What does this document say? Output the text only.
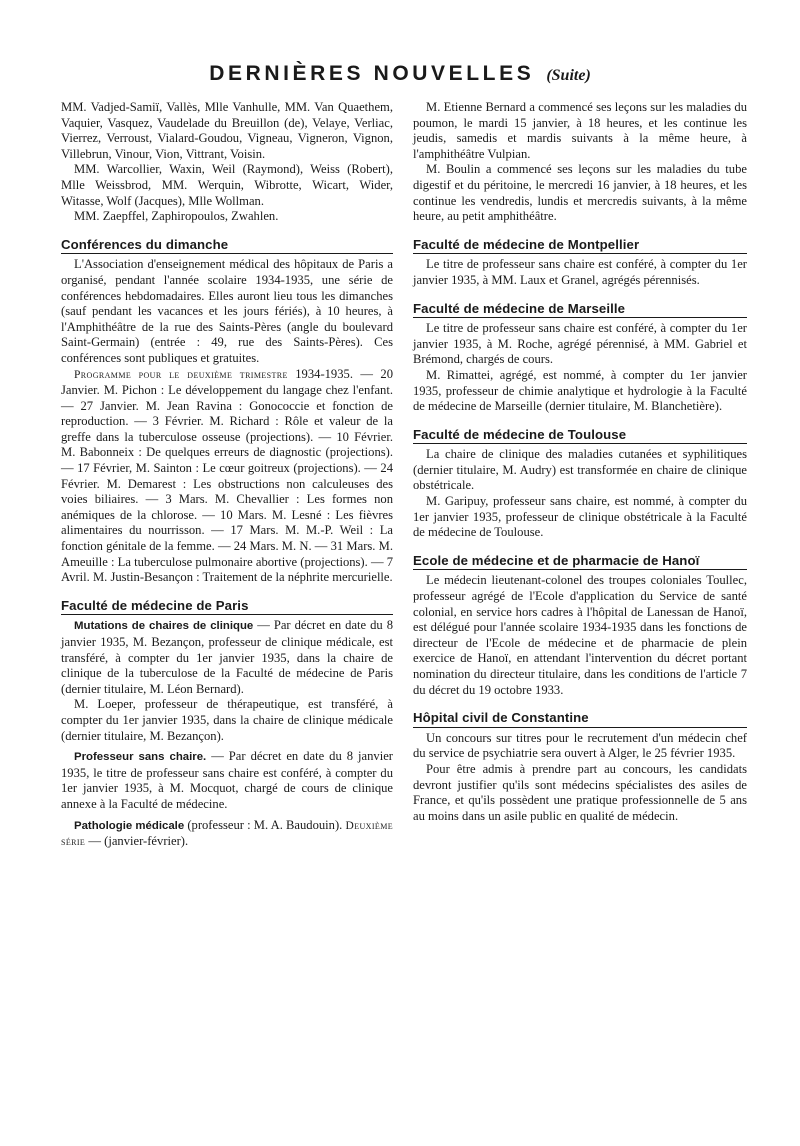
DERNIÈRES NOUVELLES (Suite)

MM. Vadjed-Samiï, Vallès, Mlle Vanhulle, MM. Van Quaethem, Vaquier, Vasquez, Vaudelade du Breuillon (de), Velaye, Verliac, Vierrez, Verroust, Vialard-Goudou, Vigneau, Vigneron, Vignon, Villebrun, Vinour, Vion, Vittrant, Voisin.

MM. Warcollier, Waxin, Weil (Raymond), Weiss (Robert), Mlle Weissbrod, MM. Werquin, Wibrotte, Wicart, Wider, Witasse, Wolf (Jacques), Mlle Wollman.

MM. Zaepffel, Zaphiropoulos, Zwahlen.

Conférences du dimanche

L'Association d'enseignement médical des hôpitaux de Paris a organisé, pendant l'année scolaire 1934-1935, une série de conférences hebdomadaires. Elles auront lieu tous les dimanches (sauf pendant les vacances et les jours fériés), à 10 heures, à l'Amphithéâtre de la rue des Saints-Pères (angle du boulevard Saint-Germain) (entrée : 49, rue des Saints-Pères). Ces conférences sont publiques et gratuites.

Programme pour le deuxième trimestre 1934-1935. — 20 Janvier. M. Pichon : Le développement du langage chez l'enfant. — 27 Janvier. M. Jean Ravina : Gonococcie et fonction de reproduction. — 3 Février. M. Richard : Rôle et valeur de la greffe dans la tuberculose osseuse (projections). — 10 Février. M. Babonneix : De quelques erreurs de diagnostic (projections). — 17 Février, M. Sainton : Le cœur goitreux (projections). — 24 Février. M. Demarest : Les obstructions non calculeuses des voies biliaires. — 3 Mars. M. Chevallier : Les formes non anémiques de la chlorose. — 10 Mars. M. Lesné : Les fièvres alimentaires du nourrisson. — 17 Mars. M. M.-P. Weil : La fonction génitale de la femme. — 24 Mars. M. N. — 31 Mars. M. Ameuille : La tuberculose pulmonaire abortive (projections). — 7 Avril. M. Justin-Besançon : Traitement de la néphrite mercurielle.

Faculté de médecine de Paris

Mutations de chaires de clinique — Par décret en date du 8 janvier 1935, M. Bezançon, professeur de clinique médicale, est transféré, à compter du 1er janvier 1935, dans la chaire de clinique de la tuberculose de la Faculté de médecine de Paris (dernier titulaire, M. Léon Bernard).

M. Loeper, professeur de thérapeutique, est transféré, à compter du 1er janvier 1935, dans la chaire de clinique médicale (dernier titulaire, M. Bezançon).

Professeur sans chaire. — Par décret en date du 8 janvier 1935, le titre de professeur sans chaire est conféré, à compter du 1er janvier 1935, à M. Mocquot, chargé de cours de clinique annexe à la Faculté de médecine.

Pathologie médicale (professeur : M. A. Baudouin). Deuxième série — (janvier-février).

M. Etienne Bernard a commencé ses leçons sur les maladies du poumon, le mardi 15 janvier, à 18 heures, et les continue les jeudis, samedis et mardis suivants à la même heure, à l'amphithéâtre Vulpian.

M. Boulin a commencé ses leçons sur les maladies du tube digestif et du péritoine, le mercredi 16 janvier, à 18 heures, et les continue les vendredis, lundis et mercredis suivants, à la même heure, au petit amphithéâtre.

Faculté de médecine de Montpellier

Le titre de professeur sans chaire est conféré, à compter du 1er janvier 1935, à MM. Laux et Granel, agrégés pérennisés.

Faculté de médecine de Marseille

Le titre de professeur sans chaire est conféré, à compter du 1er janvier 1935, à M. Roche, agrégé pérennisé, à MM. Gabriel et Brémond, chargés de cours.

M. Rimattei, agrégé, est nommé, à compter du 1er janvier 1935, professeur de chimie analytique et hydrologie à la Faculté de médecine de Marseille (dernier titulaire, M. Blanchetière).

Faculté de médecine de Toulouse

La chaire de clinique des maladies cutanées et syphilitiques (dernier titulaire, M. Audry) est transformée en chaire de clinique obstétricale.

M. Garipuy, professeur sans chaire, est nommé, à compter du 1er janvier 1935, professeur de clinique obstétricale à la Faculté de médecine de Toulouse.

Ecole de médecine et de pharmacie de Hanoï

Le médecin lieutenant-colonel des troupes coloniales Toullec, professeur agrégé de l'Ecole d'application du Service de santé colonial, en service hors cadres à l'hôpital de Lanessan de Hanoï, est délégué pour l'année scolaire 1934-1935 dans les fonctions de directeur de l'Ecole de médecine et de pharmacie de plein exercice de Hanoï, en attendant l'intervention du décret portant nomination du directeur titulaire, dans les conditions de l'article 7 du décret du 19 octobre 1933.

Hôpital civil de Constantine

Un concours sur titres pour le recrutement d'un médecin chef du service de psychiatrie sera ouvert à Alger, le 25 février 1935.

Pour être admis à prendre part au concours, les candidats devront justifier qu'ils sont médecins spécialistes des asiles de France, et qu'ils possèdent une pratique professionnelle de 5 ans au moins dans un asile public en qualité de médecin.
